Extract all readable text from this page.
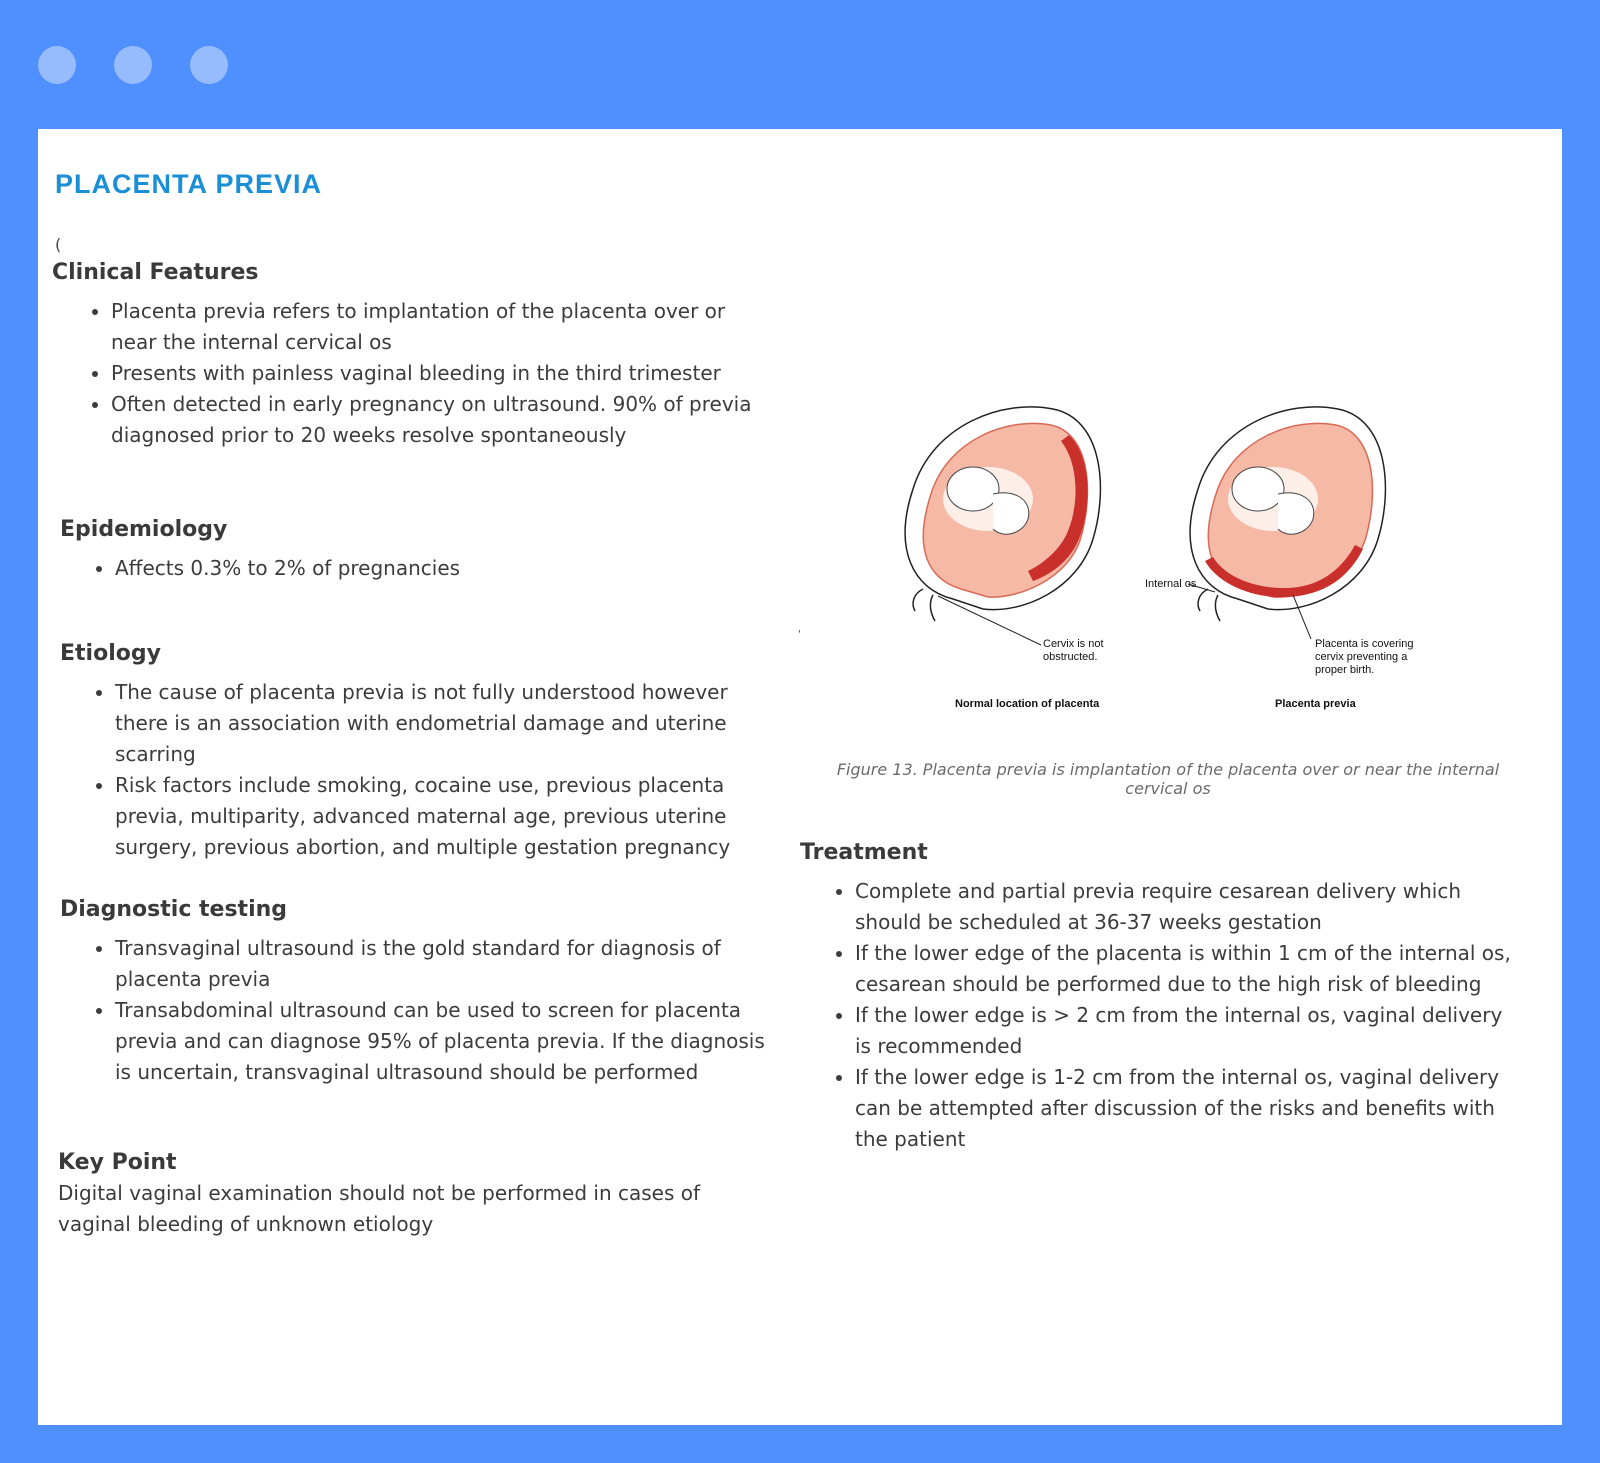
PLACENTA PREVIA
(
'
Clinical Features
• Placenta previa refers to implantation of the placenta over or near the internal cervical os
• Presents with painless vaginal bleeding in the third trimester
• Often detected in early pregnancy on ultrasound. 90% of previa diagnosed prior to 20 weeks resolve spontaneously
Epidemiology
• Affects 0.3% to 2% of pregnancies
Etiology
• The cause of placenta previa is not fully understood however there is an association with endometrial damage and uterine scarring
• Risk factors include smoking, cocaine use, previous placenta previa, multiparity, advanced maternal age, previous uterine surgery, previous abortion, and multiple gestation pregnancy
Diagnostic testing
• Transvaginal ultrasound is the gold standard for diagnosis of placenta previa
• Transabdominal ultrasound can be used to screen for placenta previa and can diagnose 95% of placenta previa. If the diagnosis is uncertain, transvaginal ultrasound should be performed
Key Point

Digital vaginal examination should not be performed in cases of vaginal bleeding of unknown etiology

Cervix is not
obstructed.
Normal location of placenta
Internal os
Placenta is covering
cervix preventing a
proper birth.
Placenta previa
Figure 13. Placenta previa is implantation of the placenta over or near the internal cervical os
Treatment
• Complete and partial previa require cesarean delivery which should be scheduled at 36-37 weeks gestation
• If the lower edge of the placenta is within 1 cm of the internal os, cesarean should be performed due to the high risk of bleeding
• If the lower edge is > 2 cm from the internal os, vaginal delivery is recommended
• If the lower edge is 1-2 cm from the internal os, vaginal delivery can be attempted after discussion of the risks and benefits with the patient
